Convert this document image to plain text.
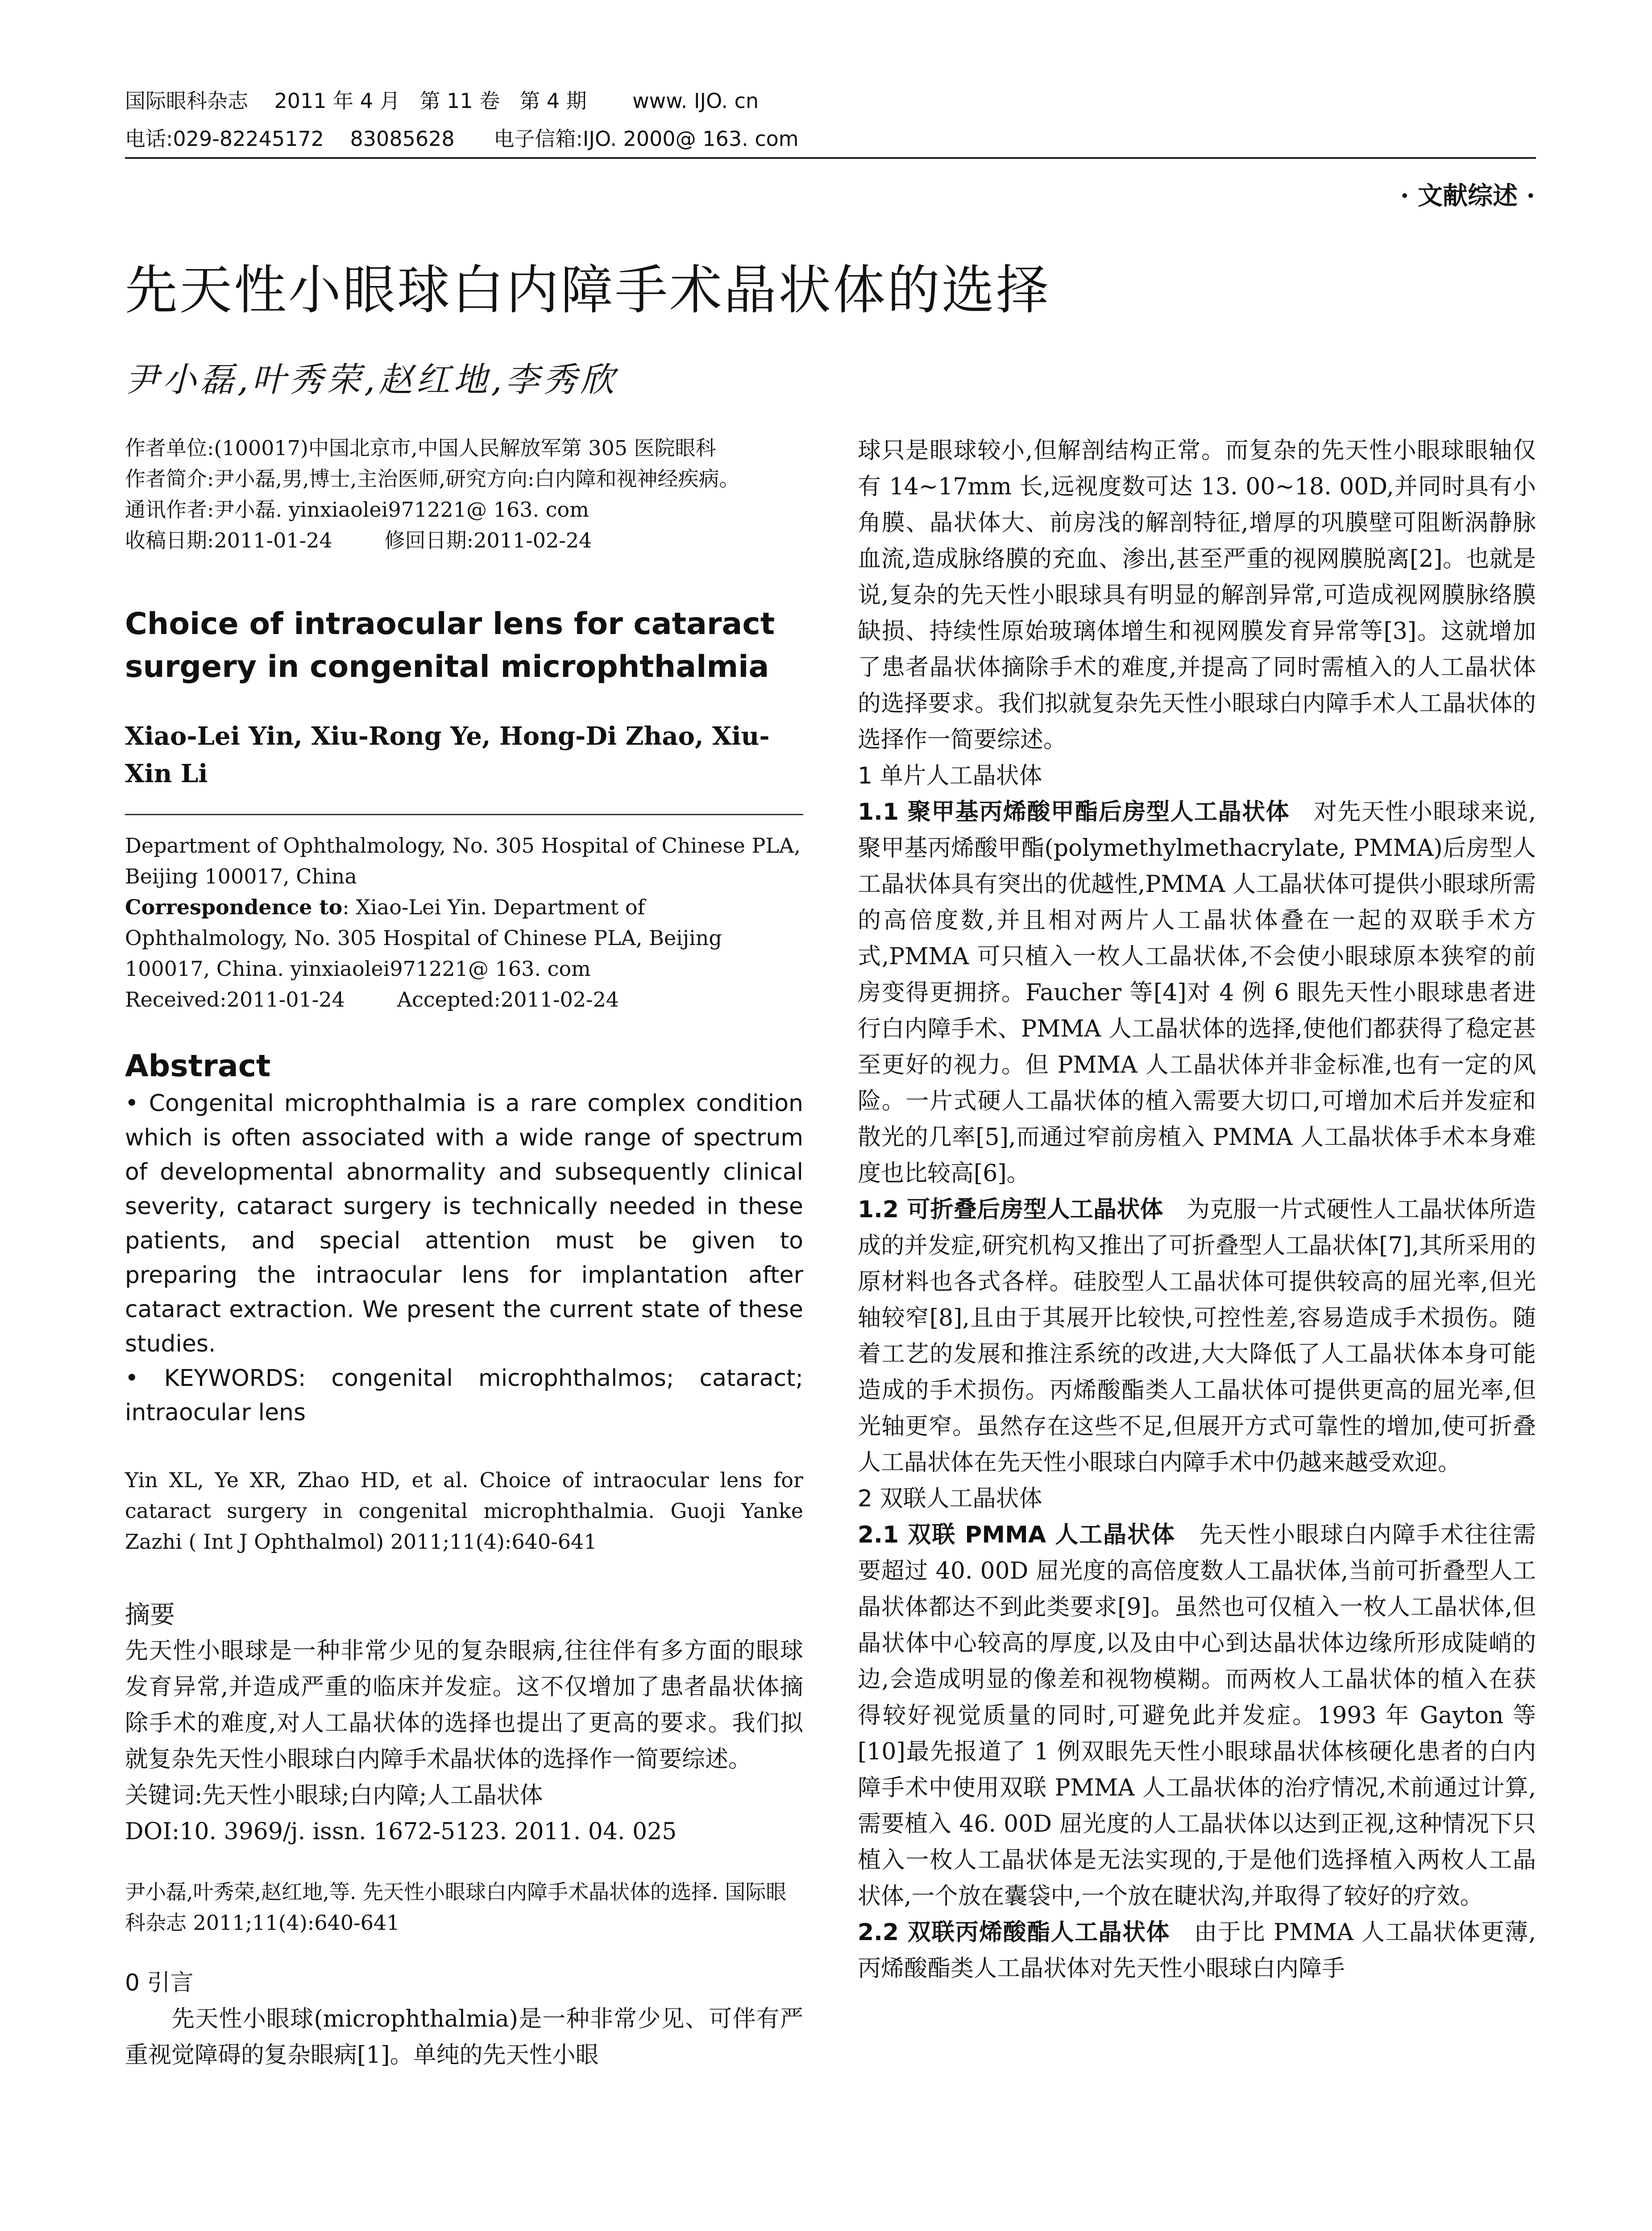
国际眼科杂志    2011 年 4 月   第 11 卷   第 4 期       www. IJO. cn
电话:029-82245172    83085628      电子信箱:IJO. 2000@ 163. com
· 文献综述 ·
先天性小眼球白内障手术晶状体的选择
尹小磊,叶秀荣,赵红地,李秀欣

作者单位:(100017)中国北京市,中国人民解放军第 305 医院眼科

作者简介:尹小磊,男,博士,主治医师,研究方向:白内障和视神经疾病。

通讯作者:尹小磊. yinxiaolei971221@ 163. com

收稿日期:2011-01-24        修回日期:2011-02-24

Choice of intraocular lens for cataract surgery in congenital microphthalmia
Xiao-Lei Yin, Xiu-Rong Ye, Hong-Di Zhao, Xiu-Xin Li

Department of Ophthalmology, No. 305 Hospital of Chinese PLA, Beijing 100017, China

Correspondence to: Xiao-Lei Yin. Department of Ophthalmology, No. 305 Hospital of Chinese PLA, Beijing 100017, China. yinxiaolei971221@ 163. com

Received:2011-01-24        Accepted:2011-02-24

Abstract

• Congenital microphthalmia is a rare complex condition which is often associated with a wide range of spectrum of developmental abnormality and subsequently clinical severity, cataract surgery is technically needed in these patients, and special attention must be given to preparing the intraocular lens for implantation after cataract extraction. We present the current state of these studies.

• KEYWORDS: congenital microphthalmos; cataract; intraocular lens

Yin XL, Ye XR, Zhao HD, et al. Choice of intraocular lens for cataract surgery in congenital microphthalmia. Guoji Yanke Zazhi ( Int J Ophthalmol) 2011;11(4):640-641
摘要

先天性小眼球是一种非常少见的复杂眼病,往往伴有多方面的眼球发育异常,并造成严重的临床并发症。这不仅增加了患者晶状体摘除手术的难度,对人工晶状体的选择也提出了更高的要求。我们拟就复杂先天性小眼球白内障手术晶状体的选择作一简要综述。

关键词:先天性小眼球;白内障;人工晶状体

DOI:10. 3969/j. issn. 1672-5123. 2011. 04. 025

尹小磊,叶秀荣,赵红地,等. 先天性小眼球白内障手术晶状体的选择. 国际眼科杂志 2011;11(4):640-641
0 引言
先天性小眼球(microphthalmia)是一种非常少见、可伴有严重视觉障碍的复杂眼病[1]。单纯的先天性小眼

球只是眼球较小,但解剖结构正常。而复杂的先天性小眼球眼轴仅有 14~17mm 长,远视度数可达 13. 00~18. 00D,并同时具有小角膜、晶状体大、前房浅的解剖特征,增厚的巩膜壁可阻断涡静脉血流,造成脉络膜的充血、渗出,甚至严重的视网膜脱离[2]。也就是说,复杂的先天性小眼球具有明显的解剖异常,可造成视网膜脉络膜缺损、持续性原始玻璃体增生和视网膜发育异常等[3]。这就增加了患者晶状体摘除手术的难度,并提高了同时需植入的人工晶状体的选择要求。我们拟就复杂先天性小眼球白内障手术人工晶状体的选择作一简要综述。

1 单片人工晶状体

1.1 聚甲基丙烯酸甲酯后房型人工晶状体　 对先天性小眼球来说,聚甲基丙烯酸甲酯(polymethylmethacrylate, PMMA)后房型人工晶状体具有突出的优越性,PMMA 人工晶状体可提供小眼球所需的高倍度数,并且相对两片人工晶状体叠在一起的双联手术方式,PMMA 可只植入一枚人工晶状体,不会使小眼球原本狭窄的前房变得更拥挤。Faucher 等[4]对 4 例 6 眼先天性小眼球患者进行白内障手术、PMMA 人工晶状体的选择,使他们都获得了稳定甚至更好的视力。但 PMMA 人工晶状体并非金标准,也有一定的风险。一片式硬人工晶状体的植入需要大切口,可增加术后并发症和散光的几率[5],而通过窄前房植入 PMMA 人工晶状体手术本身难度也比较高[6]。

1.2 可折叠后房型人工晶状体　 为克服一片式硬性人工晶状体所造成的并发症,研究机构又推出了可折叠型人工晶状体[7],其所采用的原材料也各式各样。硅胶型人工晶状体可提供较高的屈光率,但光轴较窄[8],且由于其展开比较快,可控性差,容易造成手术损伤。随着工艺的发展和推注系统的改进,大大降低了人工晶状体本身可能造成的手术损伤。丙烯酸酯类人工晶状体可提供更高的屈光率,但光轴更窄。虽然存在这些不足,但展开方式可靠性的增加,使可折叠人工晶状体在先天性小眼球白内障手术中仍越来越受欢迎。

2 双联人工晶状体

2.1 双联 PMMA 人工晶状体　 先天性小眼球白内障手术往往需要超过 40. 00D 屈光度的高倍度数人工晶状体,当前可折叠型人工晶状体都达不到此类要求[9]。虽然也可仅植入一枚人工晶状体,但晶状体中心较高的厚度,以及由中心到达晶状体边缘所形成陡峭的边,会造成明显的像差和视物模糊。而两枚人工晶状体的植入在获得较好视觉质量的同时,可避免此并发症。1993 年 Gayton 等[10]最先报道了 1 例双眼先天性小眼球晶状体核硬化患者的白内障手术中使用双联 PMMA 人工晶状体的治疗情况,术前通过计算,需要植入 46. 00D 屈光度的人工晶状体以达到正视,这种情况下只植入一枚人工晶状体是无法实现的,于是他们选择植入两枚人工晶状体,一个放在囊袋中,一个放在睫状沟,并取得了较好的疗效。

2.2 双联丙烯酸酯人工晶状体　 由于比 PMMA 人工晶状体更薄,丙烯酸酯类人工晶状体对先天性小眼球白内障手
